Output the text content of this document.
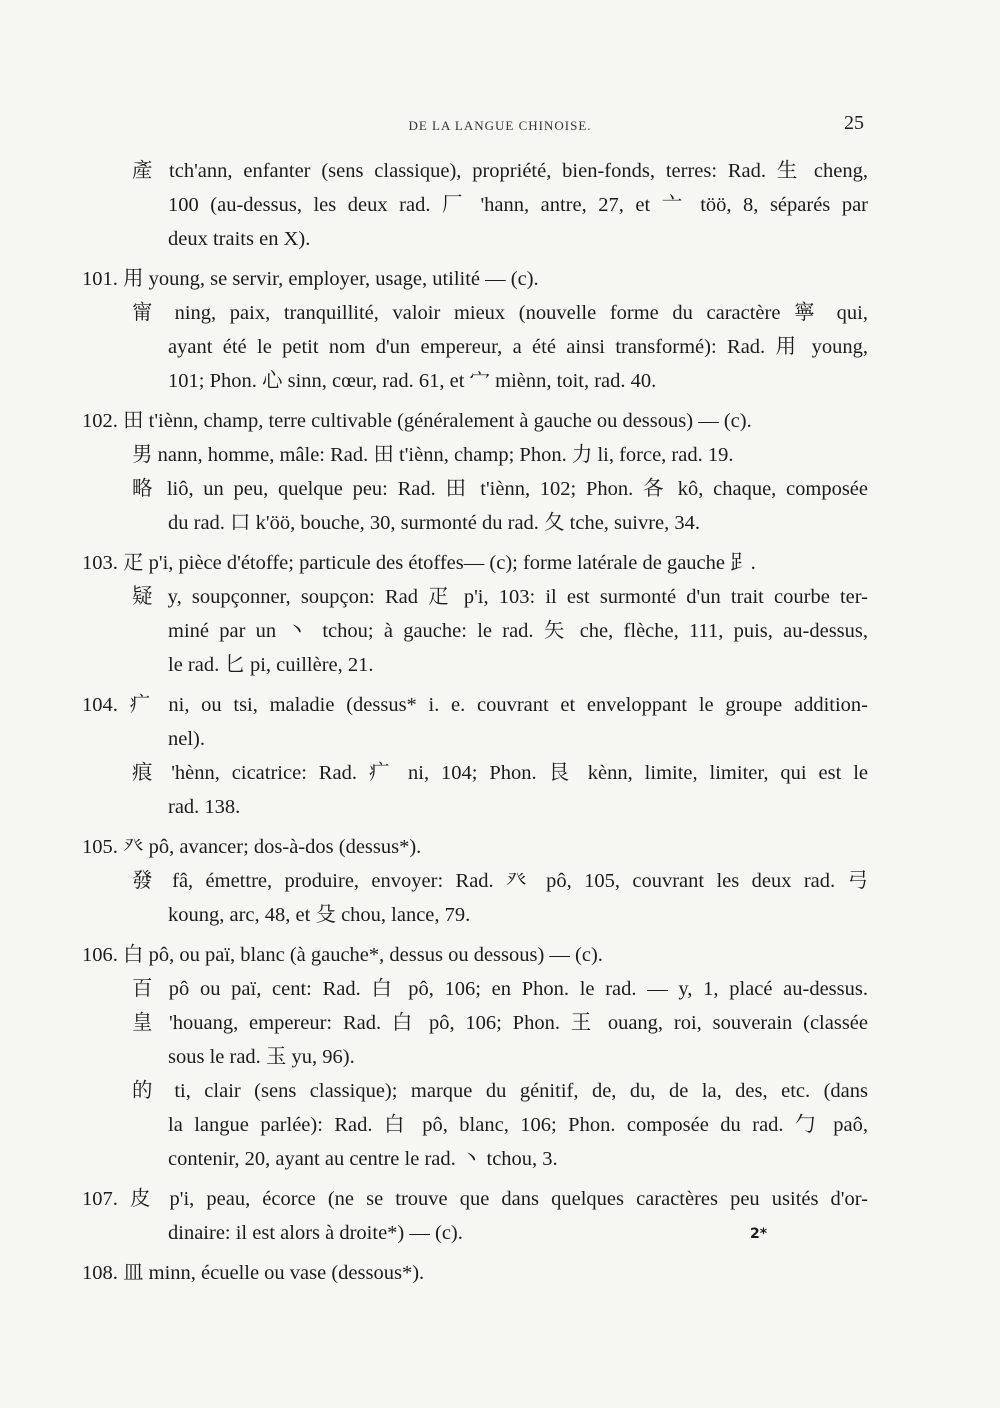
DE LA LANGUE CHINOISE.	25
產 tch'ann, enfanter (sens classique), propriété, bien-fonds, terres: Rad. 生 cheng,
100 (au-dessus, les deux rad. 厂 'hann, antre, 27, et 亠 töö, 8, séparés par
deux traits en X).
101. 用 young, se servir, employer, usage, utilité — (c).
甯 ning, paix, tranquillité, valoir mieux (nouvelle forme du caractère 寧 qui,
ayant été le petit nom d'un empereur, a été ainsi transformé): Rad. 用 young,
101; Phon. 心 sinn, cœur, rad. 61, et 宀 miènn, toit, rad. 40.
102. 田 t'iènn, champ, terre cultivable (généralement à gauche ou dessous) — (c).
男 nann, homme, mâle: Rad. 田 t'iènn, champ; Phon. 力 li, force, rad. 19.
略 liô, un peu, quelque peu: Rad. 田 t'iènn, 102; Phon. 各 kô, chaque, composée
du rad. 口 k'öö, bouche, 30, surmonté du rad. 夂 tche, suivre, 34.
103. 疋 p'i, pièce d'étoffe; particule des étoffes— (c); forme latérale de gauche 𧾷.
疑 y, soupçonner, soupçon: Rad 疋 p'i, 103: il est surmonté d'un trait courbe ter-
miné par un 丶 tchou; à gauche: le rad. 矢 che, flèche, 111, puis, au-dessus,
le rad. 匕 pi, cuillère, 21.
104. 疒 ni, ou tsi, maladie (dessus* i. e. couvrant et enveloppant le groupe addition-
nel).
痕 'hènn, cicatrice: Rad. 疒 ni, 104; Phon. 艮 kènn, limite, limiter, qui est le
rad. 138.
105. 癶 pô, avancer; dos-à-dos (dessus*).
發 fâ, émettre, produire, envoyer: Rad. 癶 pô, 105, couvrant les deux rad. 弓
koung, arc, 48, et 殳 chou, lance, 79.
106. 白 pô, ou paï, blanc (à gauche*, dessus ou dessous) — (c).
百 pô ou paï, cent: Rad. 白 pô, 106; en Phon. le rad. — y, 1, placé au-dessus.
皇 'houang, empereur: Rad. 白 pô, 106; Phon. 王 ouang, roi, souverain (classée
sous le rad. 玉 yu, 96).
的 ti, clair (sens classique); marque du génitif, de, du, de la, des, etc. (dans
la langue parlée): Rad. 白 pô, blanc, 106; Phon. composée du rad. 勹 paô,
contenir, 20, ayant au centre le rad. 丶 tchou, 3.
107. 皮 p'i, peau, écorce (ne se trouve que dans quelques caractères peu usités d'or-
dinaire: il est alors à droite*) — (c).
108. 皿 minn, écuelle ou vase (dessous*).
2*
